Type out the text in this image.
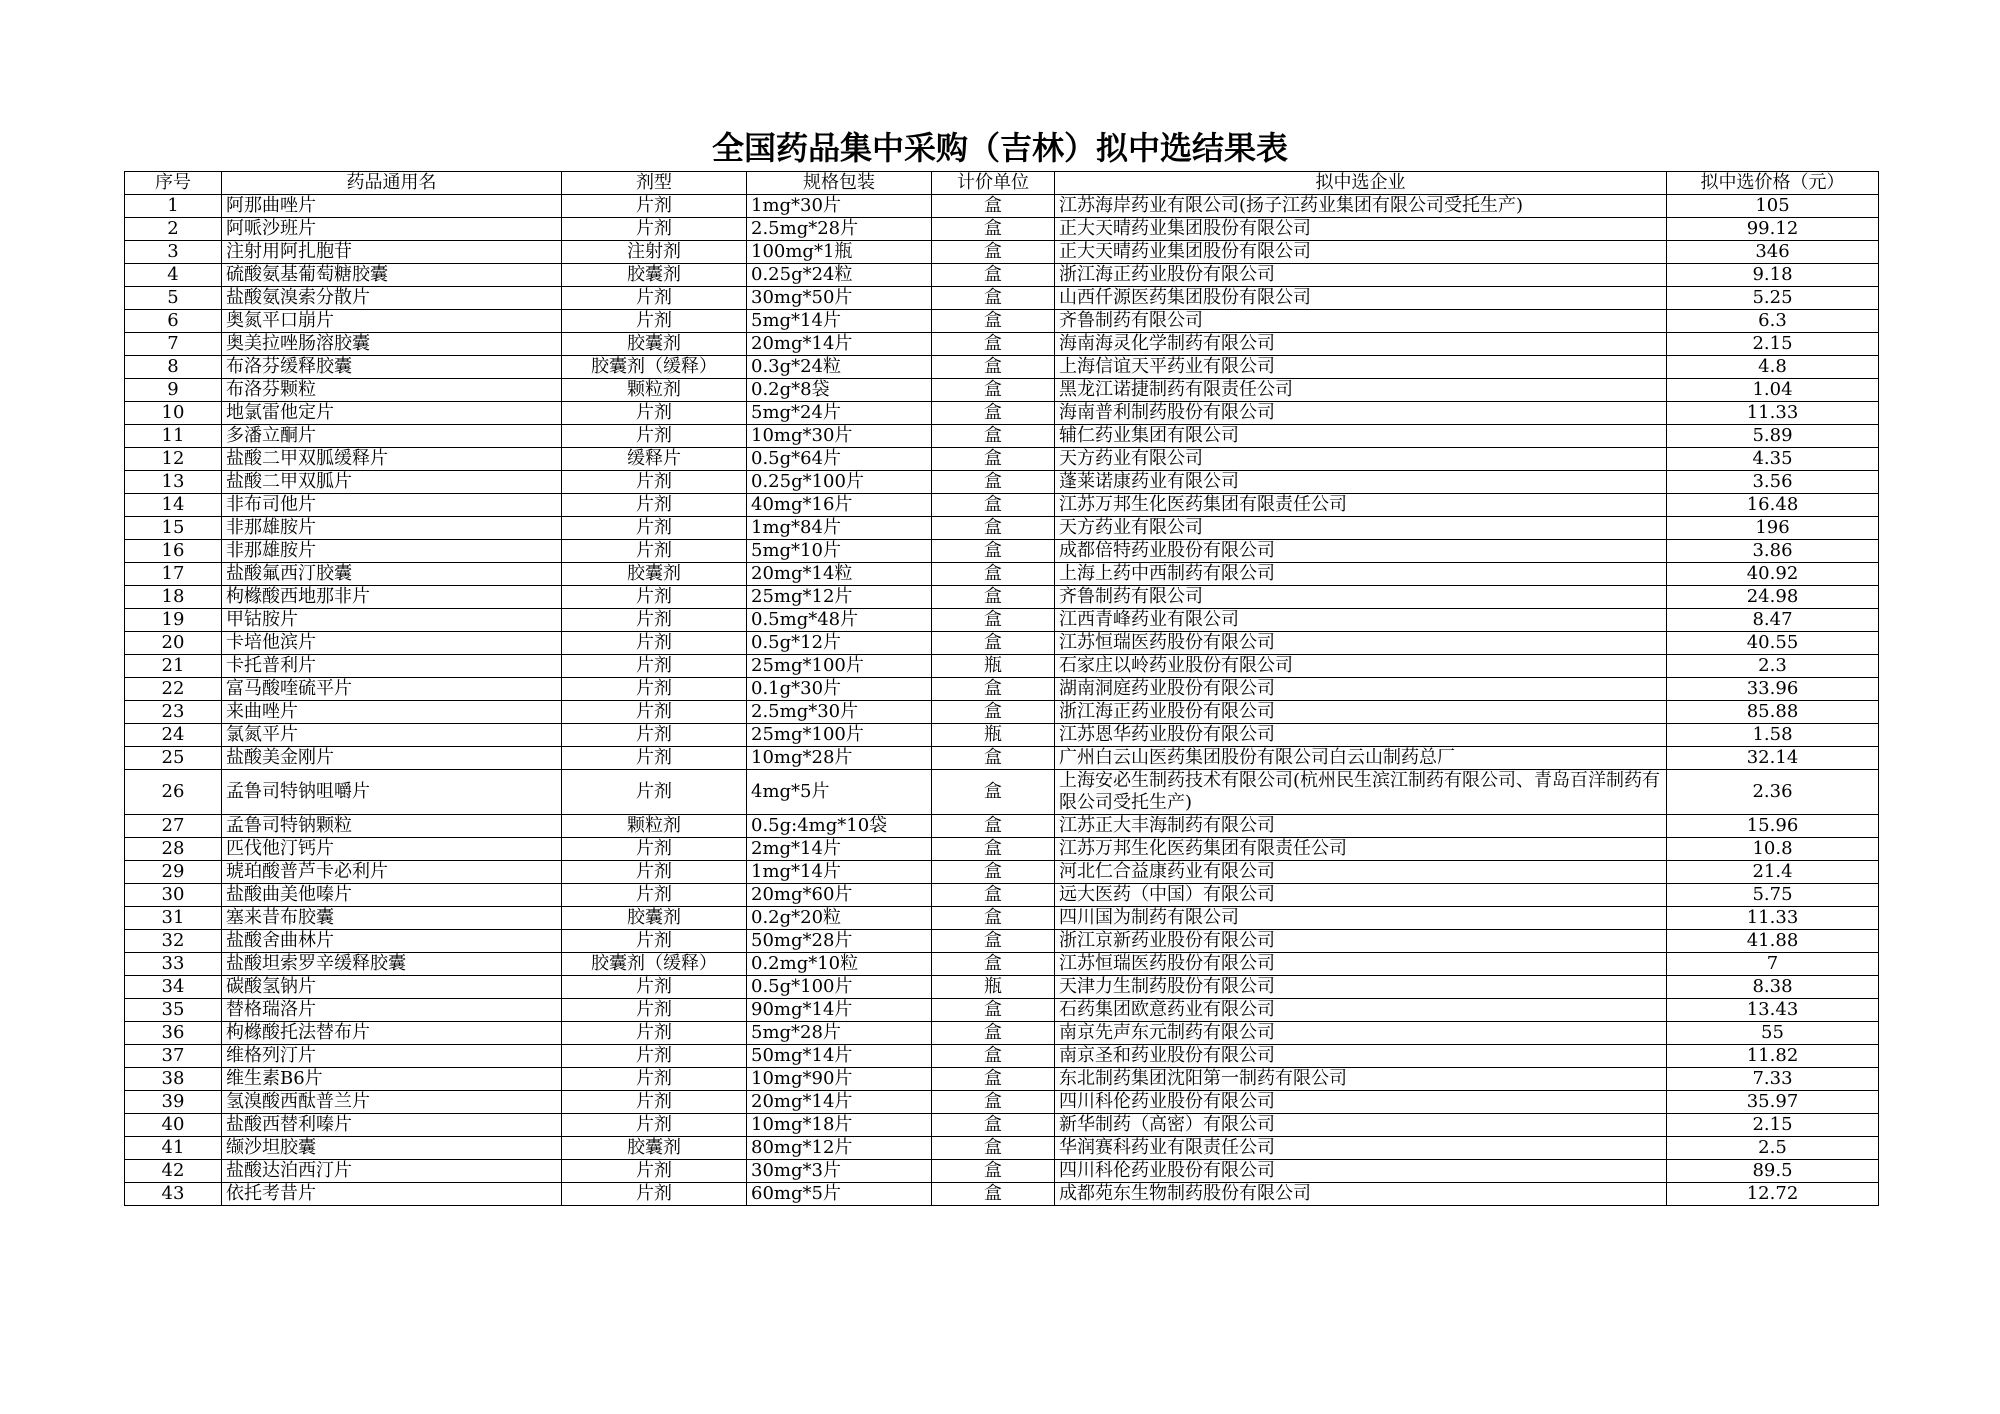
全国药品集中采购（吉林）拟中选结果表
序号	药品通用名	剂型	规格包装	计价单位	拟中选企业	拟中选价格（元）
1	阿那曲唑片	片剂	1mg*30片	盒	江苏海岸药业有限公司(扬子江药业集团有限公司受托生产)	105
2	阿哌沙班片	片剂	2.5mg*28片	盒	正大天晴药业集团股份有限公司	99.12
3	注射用阿扎胞苷	注射剂	100mg*1瓶	盒	正大天晴药业集团股份有限公司	346
4	硫酸氨基葡萄糖胶囊	胶囊剂	0.25g*24粒	盒	浙江海正药业股份有限公司	9.18
5	盐酸氨溴索分散片	片剂	30mg*50片	盒	山西仟源医药集团股份有限公司	5.25
6	奥氮平口崩片	片剂	5mg*14片	盒	齐鲁制药有限公司	6.3
7	奥美拉唑肠溶胶囊	胶囊剂	20mg*14片	盒	海南海灵化学制药有限公司	2.15
8	布洛芬缓释胶囊	胶囊剂（缓释）	0.3g*24粒	盒	上海信谊天平药业有限公司	4.8
9	布洛芬颗粒	颗粒剂	0.2g*8袋	盒	黑龙江诺捷制药有限责任公司	1.04
10	地氯雷他定片	片剂	5mg*24片	盒	海南普利制药股份有限公司	11.33
11	多潘立酮片	片剂	10mg*30片	盒	辅仁药业集团有限公司	5.89
12	盐酸二甲双胍缓释片	缓释片	0.5g*64片	盒	天方药业有限公司	4.35
13	盐酸二甲双胍片	片剂	0.25g*100片	盒	蓬莱诺康药业有限公司	3.56
14	非布司他片	片剂	40mg*16片	盒	江苏万邦生化医药集团有限责任公司	16.48
15	非那雄胺片	片剂	1mg*84片	盒	天方药业有限公司	196
16	非那雄胺片	片剂	5mg*10片	盒	成都倍特药业股份有限公司	3.86
17	盐酸氟西汀胶囊	胶囊剂	20mg*14粒	盒	上海上药中西制药有限公司	40.92
18	枸橼酸西地那非片	片剂	25mg*12片	盒	齐鲁制药有限公司	24.98
19	甲钴胺片	片剂	0.5mg*48片	盒	江西青峰药业有限公司	8.47
20	卡培他滨片	片剂	0.5g*12片	盒	江苏恒瑞医药股份有限公司	40.55
21	卡托普利片	片剂	25mg*100片	瓶	石家庄以岭药业股份有限公司	2.3
22	富马酸喹硫平片	片剂	0.1g*30片	盒	湖南洞庭药业股份有限公司	33.96
23	来曲唑片	片剂	2.5mg*30片	盒	浙江海正药业股份有限公司	85.88
24	氯氮平片	片剂	25mg*100片	瓶	江苏恩华药业股份有限公司	1.58
25	盐酸美金刚片	片剂	10mg*28片	盒	广州白云山医药集团股份有限公司白云山制药总厂	32.14
26	孟鲁司特钠咀嚼片	片剂	4mg*5片	盒	上海安必生制药技术有限公司(杭州民生滨江制药有限公司、青岛百洋制药有限公司受托生产)	2.36
27	孟鲁司特钠颗粒	颗粒剂	0.5g:4mg*10袋	盒	江苏正大丰海制药有限公司	15.96
28	匹伐他汀钙片	片剂	2mg*14片	盒	江苏万邦生化医药集团有限责任公司	10.8
29	琥珀酸普芦卡必利片	片剂	1mg*14片	盒	河北仁合益康药业有限公司	21.4
30	盐酸曲美他嗪片	片剂	20mg*60片	盒	远大医药（中国）有限公司	5.75
31	塞来昔布胶囊	胶囊剂	0.2g*20粒	盒	四川国为制药有限公司	11.33
32	盐酸舍曲林片	片剂	50mg*28片	盒	浙江京新药业股份有限公司	41.88
33	盐酸坦索罗辛缓释胶囊	胶囊剂（缓释）	0.2mg*10粒	盒	江苏恒瑞医药股份有限公司	7
34	碳酸氢钠片	片剂	0.5g*100片	瓶	天津力生制药股份有限公司	8.38
35	替格瑞洛片	片剂	90mg*14片	盒	石药集团欧意药业有限公司	13.43
36	枸橼酸托法替布片	片剂	5mg*28片	盒	南京先声东元制药有限公司	55
37	维格列汀片	片剂	50mg*14片	盒	南京圣和药业股份有限公司	11.82
38	维生素B6片	片剂	10mg*90片	盒	东北制药集团沈阳第一制药有限公司	7.33
39	氢溴酸西酞普兰片	片剂	20mg*14片	盒	四川科伦药业股份有限公司	35.97
40	盐酸西替利嗪片	片剂	10mg*18片	盒	新华制药（高密）有限公司	2.15
41	缬沙坦胶囊	胶囊剂	80mg*12片	盒	华润赛科药业有限责任公司	2.5
42	盐酸达泊西汀片	片剂	30mg*3片	盒	四川科伦药业股份有限公司	89.5
43	依托考昔片	片剂	60mg*5片	盒	成都苑东生物制药股份有限公司	12.72
